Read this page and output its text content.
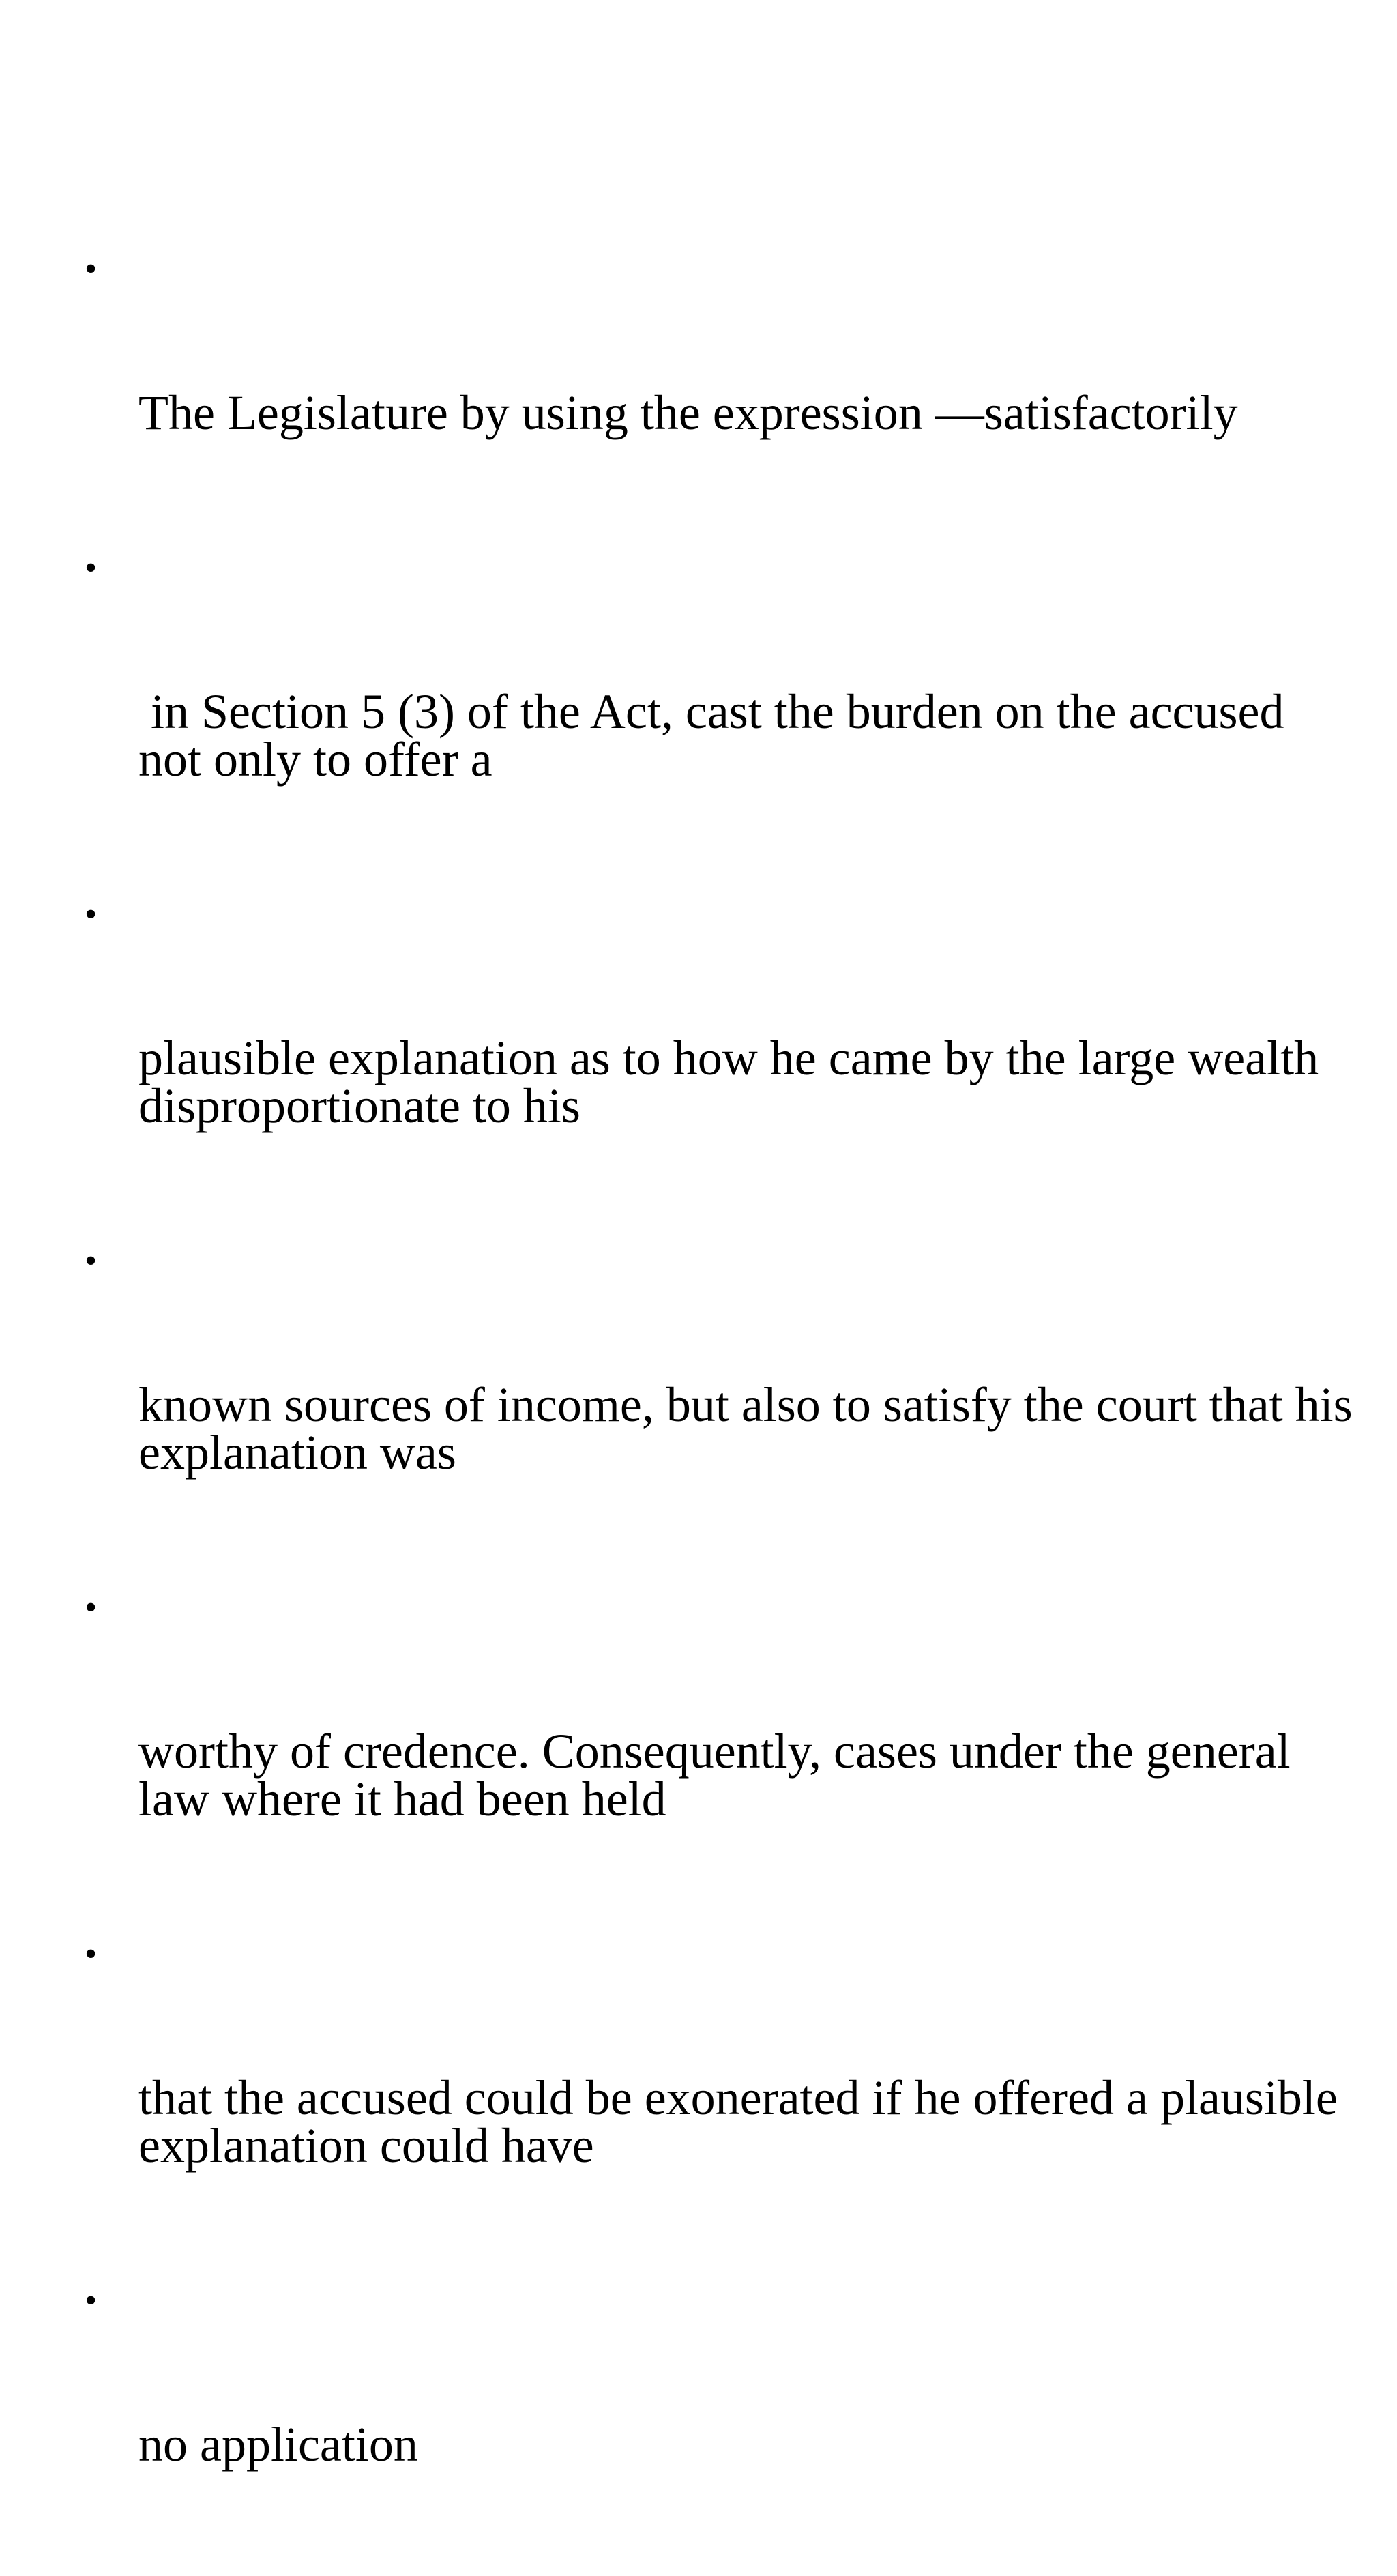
•

The Legislature by using the expression ―satisfactorily

•

in Section 5 (3) of the Act, cast the burden on the accused not only to offer a

•

plausible explanation as to how he came by the large wealth disproportionate to his

•

known sources of income, but also to satisfy the court that his explanation was

•

worthy of credence. Consequently, cases under the general law where it had been held

•

that the accused could be exonerated if he offered a plausible explanation could have

•

no application
